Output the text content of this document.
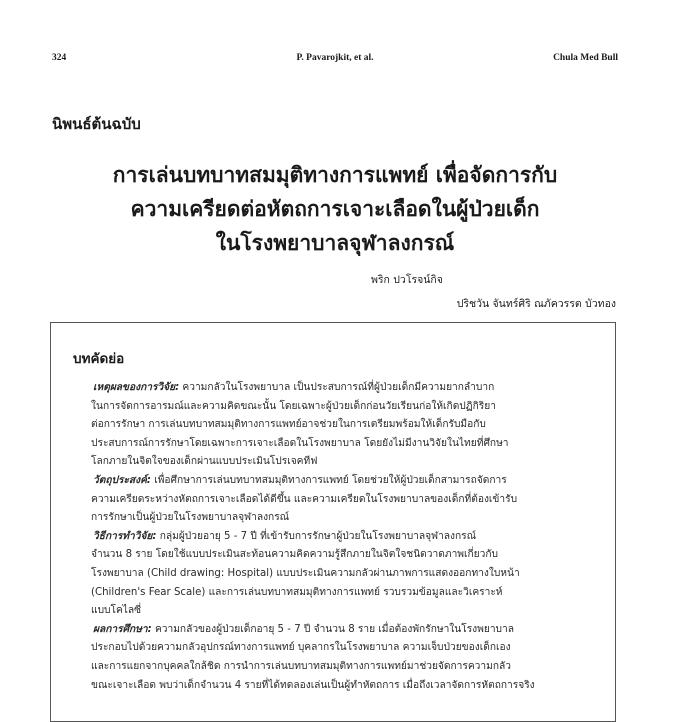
324	P. Pavarojkit, et al.	Chula Med Bull
นิพนธ์ต้นฉบับ
การเล่นบทบาทสมมุติทางการแพทย์ เพื่อจัดการกับ
ความเครียดต่อหัตถการเจาะเลือดในผู้ป่วยเด็ก
ในโรงพยาบาลจุฬาลงกรณ์
พริก ปวโรจน์กิจ
ปริชวัน จันทร์ศิริ ณภัควรรต บัวทอง
บทคัดย่อ
เหตุผลของการวิจัย: ความกลัวในโรงพยาบาล เป็นประสบการณ์ที่ผู้ป่วยเด็กมีความยากลำบาก
ในการจัดการอารมณ์และความคิดขณะนั้น โดยเฉพาะผู้ป่วยเด็กก่อนวัยเรียนก่อให้เกิดปฏิกิริยา
ต่อการรักษา การเล่นบทบาทสมมุติทางการแพทย์อาจช่วยในการเตรียมพร้อมให้เด็กรับมือกับ
ประสบการณ์การรักษาโดยเฉพาะการเจาะเลือดในโรงพยาบาล โดยยังไม่มีงานวิจัยในไทยที่ศึกษา
โลกภายในจิตใจของเด็กผ่านแบบประเมินโปรเจคทีฟ
วัตถุประสงค์: เพื่อศึกษาการเล่นบทบาทสมมุติทางการแพทย์ โดยช่วยให้ผู้ป่วยเด็กสามารถจัดการ
ความเครียดระหว่างหัตถการเจาะเลือดได้ดีขึ้น และความเครียดในโรงพยาบาลของเด็กที่ต้องเข้ารับ
การรักษาเป็นผู้ป่วยในโรงพยาบาลจุฬาลงกรณ์
วิธีการทำวิจัย: กลุ่มผู้ป่วยอายุ 5 - 7 ปี ที่เข้ารับการรักษาผู้ป่วยในโรงพยาบาลจุฬาลงกรณ์
จำนวน 8 ราย โดยใช้แบบประเมินสะท้อนความคิดความรู้สึกภายในจิตใจชนิดวาดภาพเกี่ยวกับ
โรงพยาบาล (Child drawing: Hospital) แบบประเมินความกลัวผ่านภาพการแสดงออกทางใบหน้า
(Children's Fear Scale) และการเล่นบทบาทสมมุติทางการแพทย์ รวบรวมข้อมูลและวิเคราะห์
แบบโคไลซี่
ผลการศึกษา: ความกลัวของผู้ป่วยเด็กอายุ 5 - 7 ปี จำนวน 8 ราย เมื่อต้องพักรักษาในโรงพยาบาล
ประกอบไปด้วยความกลัวอุปกรณ์ทางการแพทย์ บุคลากรในโรงพยาบาล ความเจ็บป่วยของเด็กเอง
และการแยกจากบุคคลใกล้ชิด การนำการเล่นบทบาทสมมุติทางการแพทย์มาช่วยจัดการความกลัว
ขณะเจาะเลือด พบว่าเด็กจำนวน 4 รายที่ได้ทดลองเล่นเป็นผู้ทำหัตถการ เมื่อถึงเวลาจัดการหัตถการจริง
